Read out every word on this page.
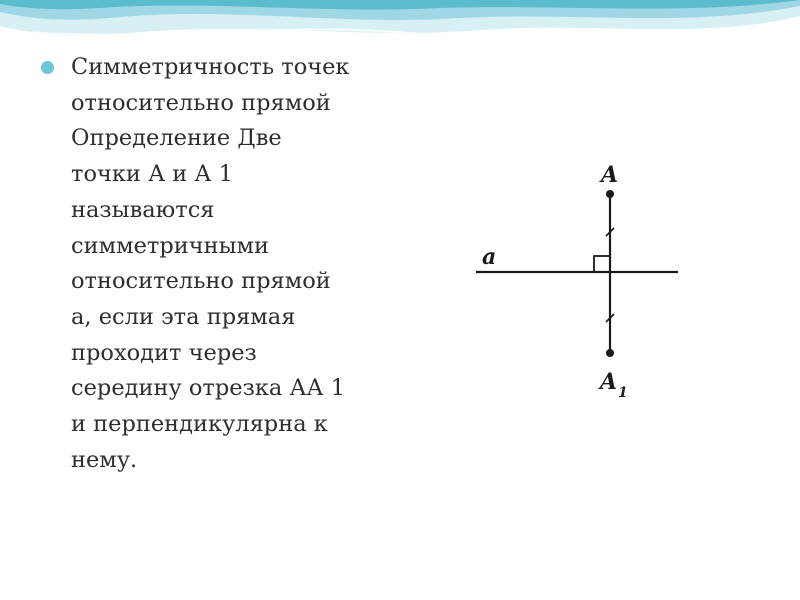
Симметричность точек
относительно прямой
Определение Две
точки А и А 1
называются
симметричными
относительно прямой
а, если эта прямая
проходит через
середину отрезка АА 1
и перпендикулярна к
нему.

A
A 1
a
